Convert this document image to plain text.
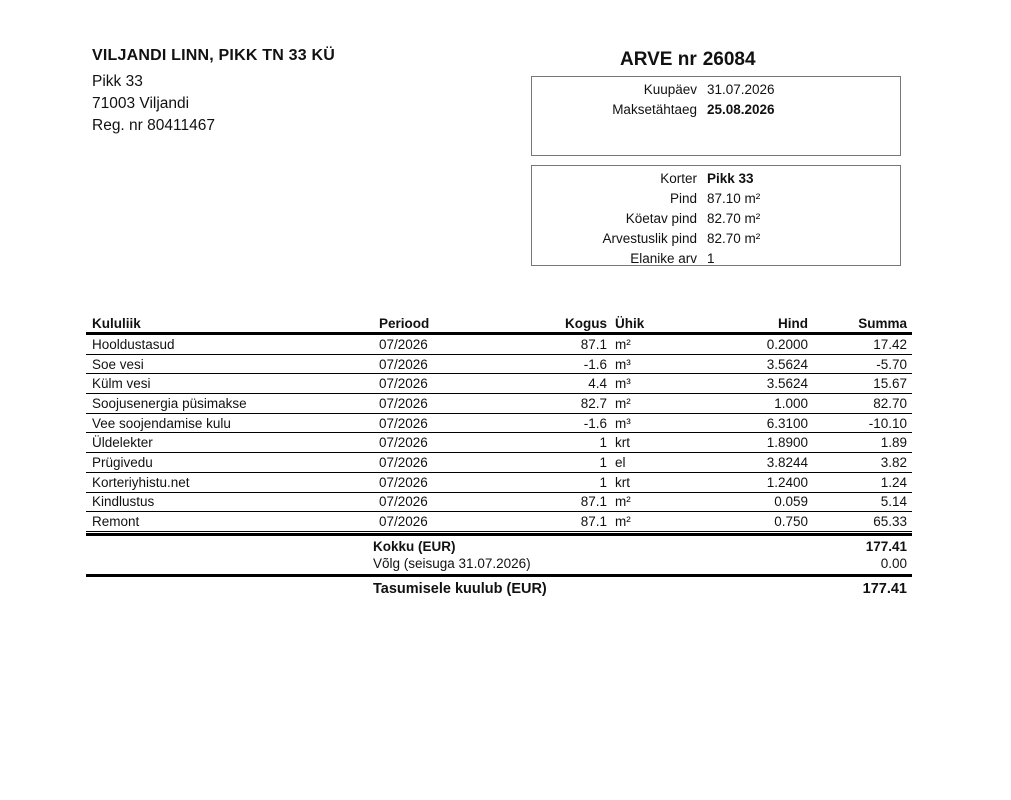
VILJANDI LINN, PIKK TN 33 KÜ
Pikk 33
71003 Viljandi
Reg. nr 80411467
ARVE nr 26084
Kuupäev 31.07.2026
Maksetähtaeg 25.08.2026
Korter Pikk 33
Pind 87.10 m²
Köetav pind 82.70 m²
Arvestuslik pind 82.70 m²
Elanike arv 1
Kululiik	Periood	Kogus	Ühik	Hind	Summa
Hooldustasud	07/2026	87.1	m²	0.2000	17.42
Soe vesi	07/2026	-1.6	m³	3.5624	-5.70
Külm vesi	07/2026	4.4	m³	3.5624	15.67
Soojusenergia püsimakse	07/2026	82.7	m²	1.000	82.70
Vee soojendamise kulu	07/2026	-1.6	m³	6.3100	-10.10
Üldelekter	07/2026	1	krt	1.8900	1.89
Prügivedu	07/2026	1	el	3.8244	3.82
Korteriyhistu.net	07/2026	1	krt	1.2400	1.24
Kindlustus	07/2026	87.1	m²	0.059	5.14
Remont	07/2026	87.1	m²	0.750	65.33
Kokku (EUR)	177.41
Võlg (seisuga 31.07.2026)	0.00
Tasumisele kuulub (EUR)	177.41
